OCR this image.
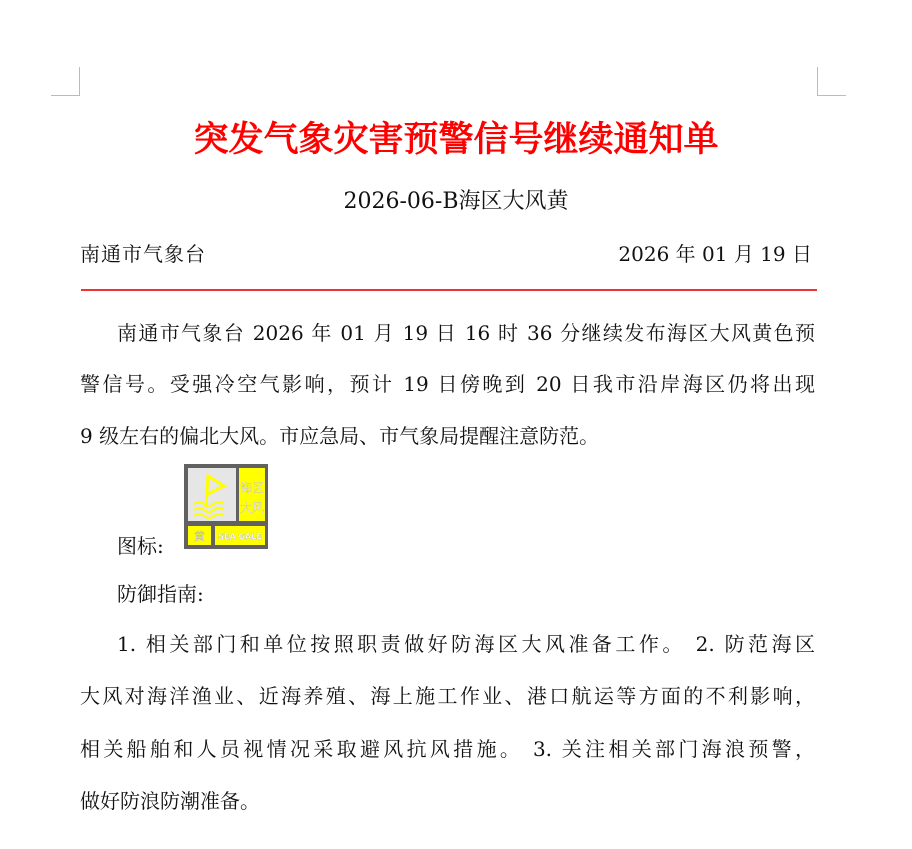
突发气象灾害预警信号继续通知单
2026-06-B海区大风黄
南通市气象台	2026 年 01 月 19 日
南通市气象台 2026 年 01 月 19 日 16 时 36 分继续发布海区大风黄色预
警信号。受强冷空气影响，预计 19 日傍晚到 20 日我市沿岸海区仍将出现
9 级左右的偏北大风。市应急局、市气象局提醒注意防范。
图标:
海区
大风
黄 SEA GALE
防御指南:
1. 相关部门和单位按照职责做好防海区大风准备工作。 2. 防范海区
大风对海洋渔业、近海养殖、海上施工作业、港口航运等方面的不利影响，
相关船舶和人员视情况采取避风抗风措施。 3. 关注相关部门海浪预警，
做好防浪防潮准备。
